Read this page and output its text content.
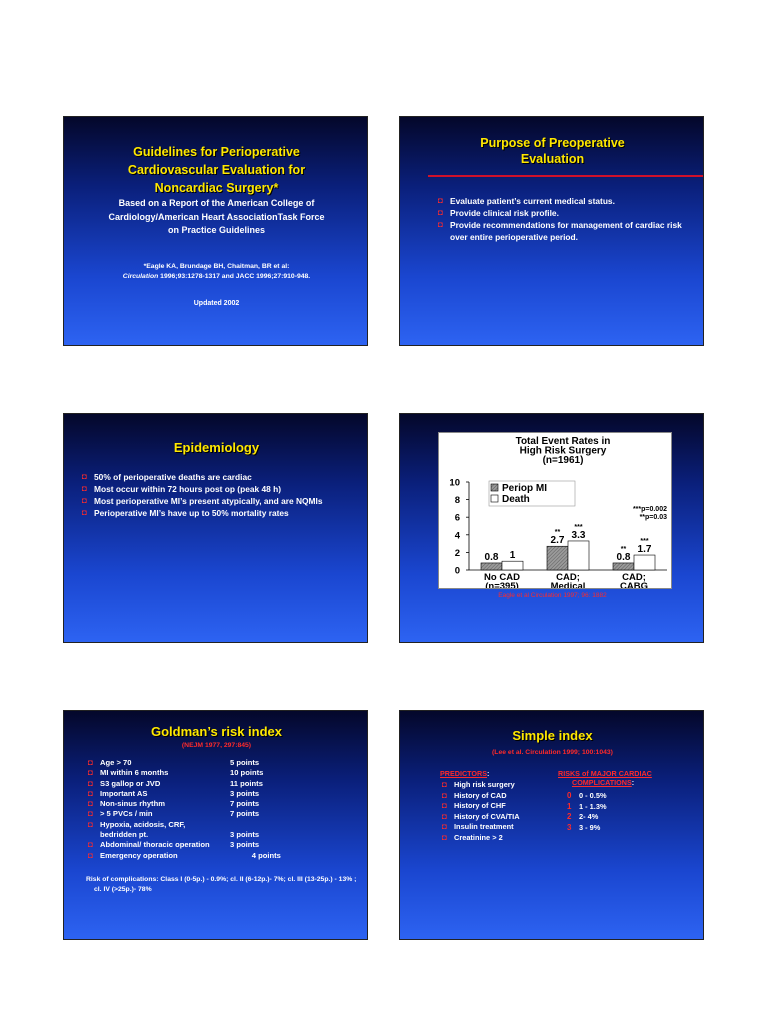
Guidelines for Perioperative Cardiovascular Evaluation for Noncardiac Surgery*
Based on a Report of the American College of Cardiology/American Heart AssociationTask Force on Practice Guidelines
*Eagle KA, Brundage BH, Chaitman, BR et al:
Circulation 1996;93:1278-1317 and JACC 1996;27:910-948.
Updated 2002
Purpose of Preoperative Evaluation
◘ Evaluate patient’s current medical status.
◘ Provide clinical risk profile.
◘ Provide recommendations for management of cardiac risk over entire perioperative period.
Epidemiology
◘ 50% of perioperative deaths are cardiac
◘ Most occur within 72 hours post op (peak 48 h)
◘ Most perioperative MI’s present atypically, and are NQMIs
◘ Perioperative MI’s have up to 50% mortality rates
Total Event Rates in
High Risk Surgery
(n=1961)
0
2
4
6
8
10	Periop MI
Death
***p=0.002
**p=0.03
0.8 1
No CAD
(n=395)
2.7
** 3.3
***
CAD;
Medical
0.8
** 1.7
***
CAD;
CABG
Eagle et al Circulation 1997; 96: 1882
Goldman’s risk index
(NEJM 1977, 297:845)
◘ Age > 70	5 points
◘ MI within 6 months	10 points
◘ S3 gallop or JVD	11 points
◘ Important AS	3 points
◘ Non-sinus rhythm	7 points
◘ > 5 PVCs / min	7 points
◘ Hypoxia, acidosis, CRF,
bedridden pt.	3 points
◘ Abdominal/ thoracic operation	3 points
◘ Emergency operation	4 points
Risk of complications: Class I (0-5p.) - 0.9%; cl. II (6-12p.)- 7%; cl. III (13-25p.) - 13% ; cl. IV (>25p.)- 78%
Simple index
(Lee et al. Circulation 1999; 100:1043)
PREDICTORS:	RISKS of MAJOR CARDIAC
COMPLICATIONS:
◘ High risk surgery
◘ History of CAD
◘ History of CHF
◘ History of CVA/TIA
◘ Insulin treatment
◘ Creatinine > 2
0	0 - 0.5%
1	1 - 1.3%
2	2- 4%
3	3 - 9%
